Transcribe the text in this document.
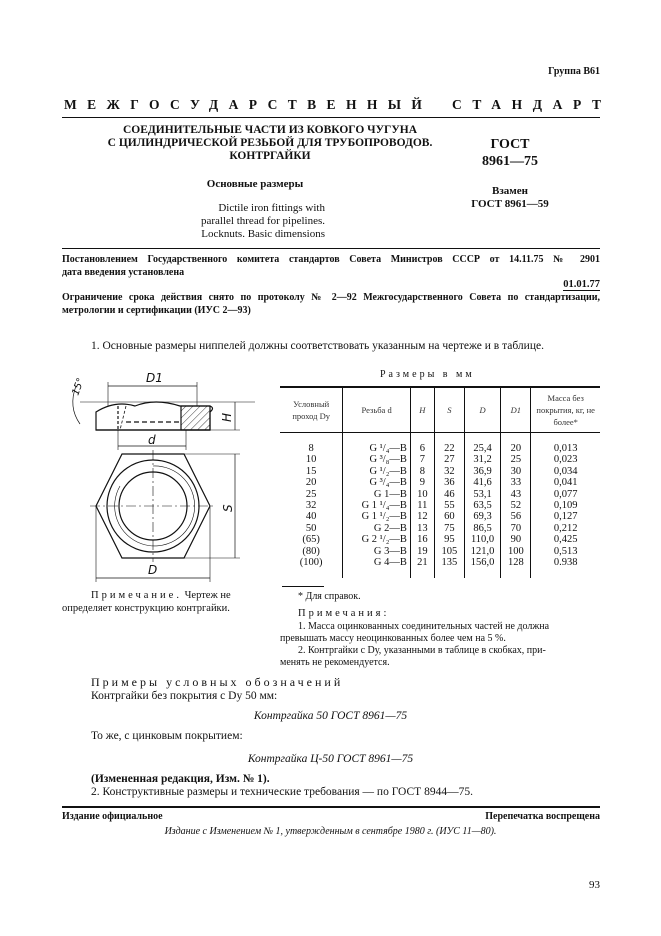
Группа В61
МЕЖГОСУДАРСТВЕННЫЙ СТАНДАРТ
СОЕДИНИТЕЛЬНЫЕ ЧАСТИ ИЗ КОВКОГО ЧУГУНА
С ЦИЛИНДРИЧЕСКОЙ РЕЗЬБОЙ ДЛЯ ТРУБОПРОВОДОВ.
КОНТРГАЙКИ
Основные размеры
Dictile iron fittings with
parallel thread for pipelines.
Locknuts. Basic dimensions
ГОСТ
8961—75
Взамен
ГОСТ 8961—59
Постановлением Государственного комитета стандартов Совета Министров СССР от 14.11.75 № 2901
дата введения установлена
01.01.77
Ограничение срока действия снято по протоколу № 2—92 Межгосударственного Совета по стандартизации,
метрологии и сертификации (ИУС 2—93)
1. Основные размеры ниппелей должны соответствовать указанным на чертеже и в таблице.
D1
d
D
H
S
15°
Примечание. Чертеж не
определяет конструкцию контргайки.
Размеры в мм
Условный проход Dу	Резьба d	H	S	D	D1	Масса без покрытия, кг, не более*
8	G ¹/₄—B	6	22	25,4	20	0,013
10	G ³/₈—B	7	27	31,2	25	0,023
15	G ¹/₂—B	8	32	36,9	30	0,034
20	G ³/₄—B	9	36	41,6	33	0,041
25	G 1—B	10	46	53,1	43	0,077
32	G 1 ¹/₄—B	11	55	63,5	52	0,109
40	G 1 ¹/₂—B	12	60	69,3	56	0,127
50	G 2—B	13	75	86,5	70	0,212
(65)	G 2 ¹/₂—B	16	95	110,0	90	0,425
(80)	G 3—B	19	105	121,0	100	0,513
(100)	G 4—B	21	135	156,0	128	0.938
* Для справок.
Примечания:
1. Масса оцинкованных соединительных частей не должна
превышать массу неоцинкованных более чем на 5 %.
2. Контргайки с Dу, указанными в таблице в скобках, при-
менять не рекомендуется.
Примеры условных обозначений
Контргайки без покрытия с Dу 50 мм:
Контргайка 50 ГОСТ 8961—75
То же, с цинковым покрытием:
Контргайка Ц-50 ГОСТ 8961—75
(Измененная редакция, Изм. № 1).
2. Конструктивные размеры и технические требования — по ГОСТ 8944—75.
Издание официальное	Перепечатка воспрещена
Издание с Изменением № 1, утвержденным в сентябре 1980 г. (ИУС 11—80).
93
